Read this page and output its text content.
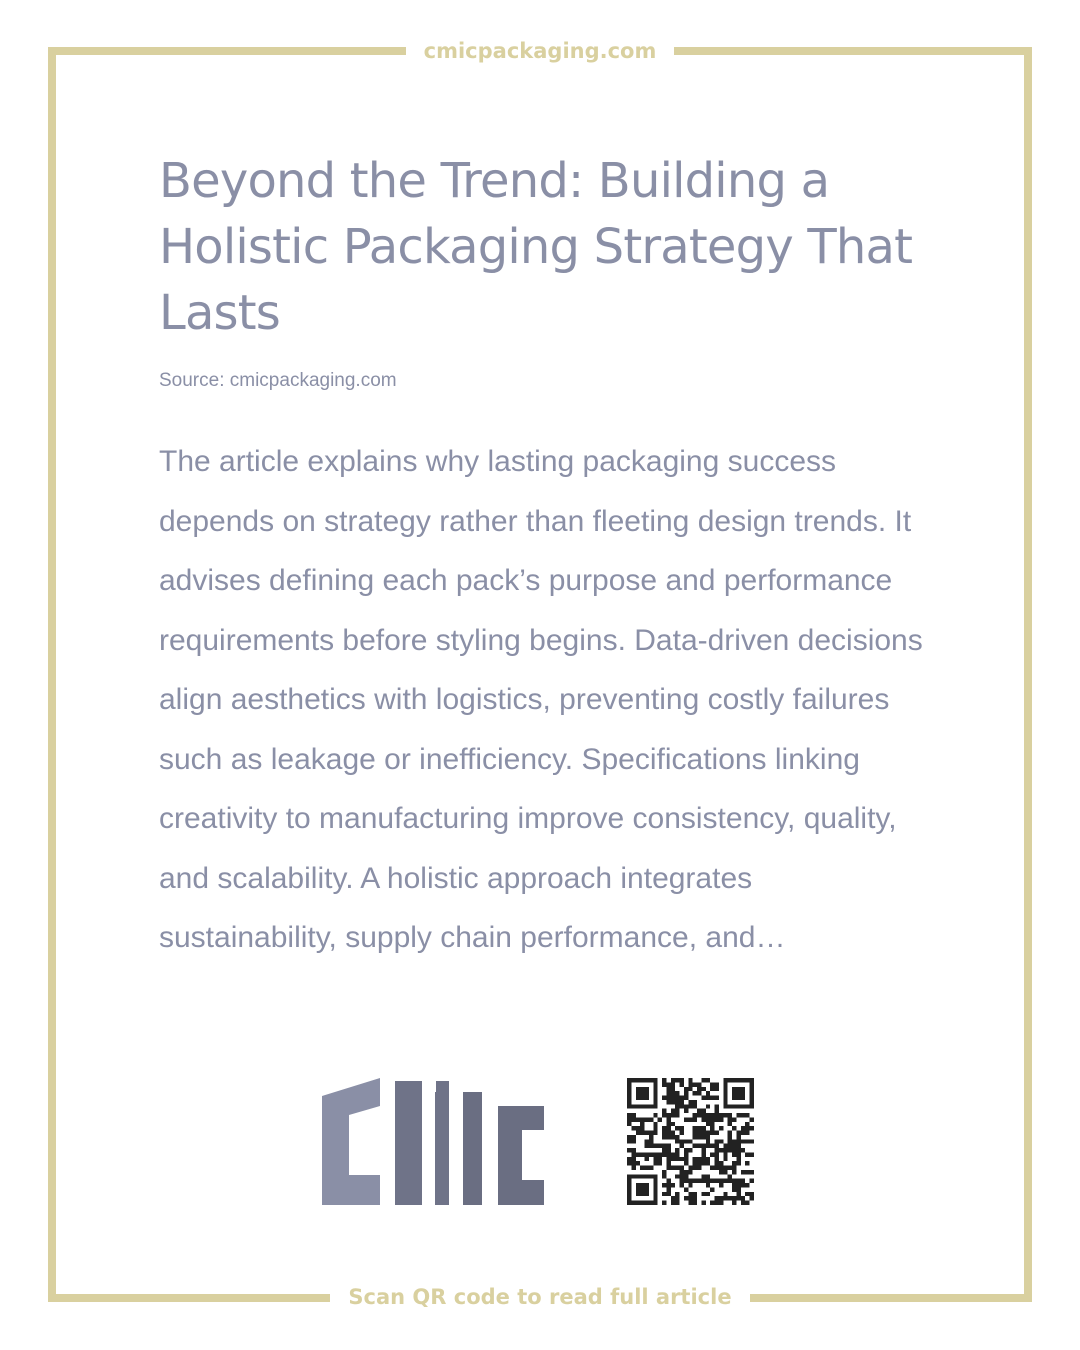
cmicpackaging.com
Beyond the Trend: Building a Holistic Packaging Strategy That Lasts
Source: cmicpackaging.com
The article explains why lasting packaging success depends on strategy rather than fleeting design trends. It advises defining each pack’s purpose and performance requirements before styling begins. Data-driven decisions align aesthetics with logistics, preventing costly failures such as leakage or inefficiency. Specifications linking creativity to manufacturing improve consistency, quality, and scalability. A holistic approach integrates sustainability, supply chain performance, and…
Scan QR code to read full article
